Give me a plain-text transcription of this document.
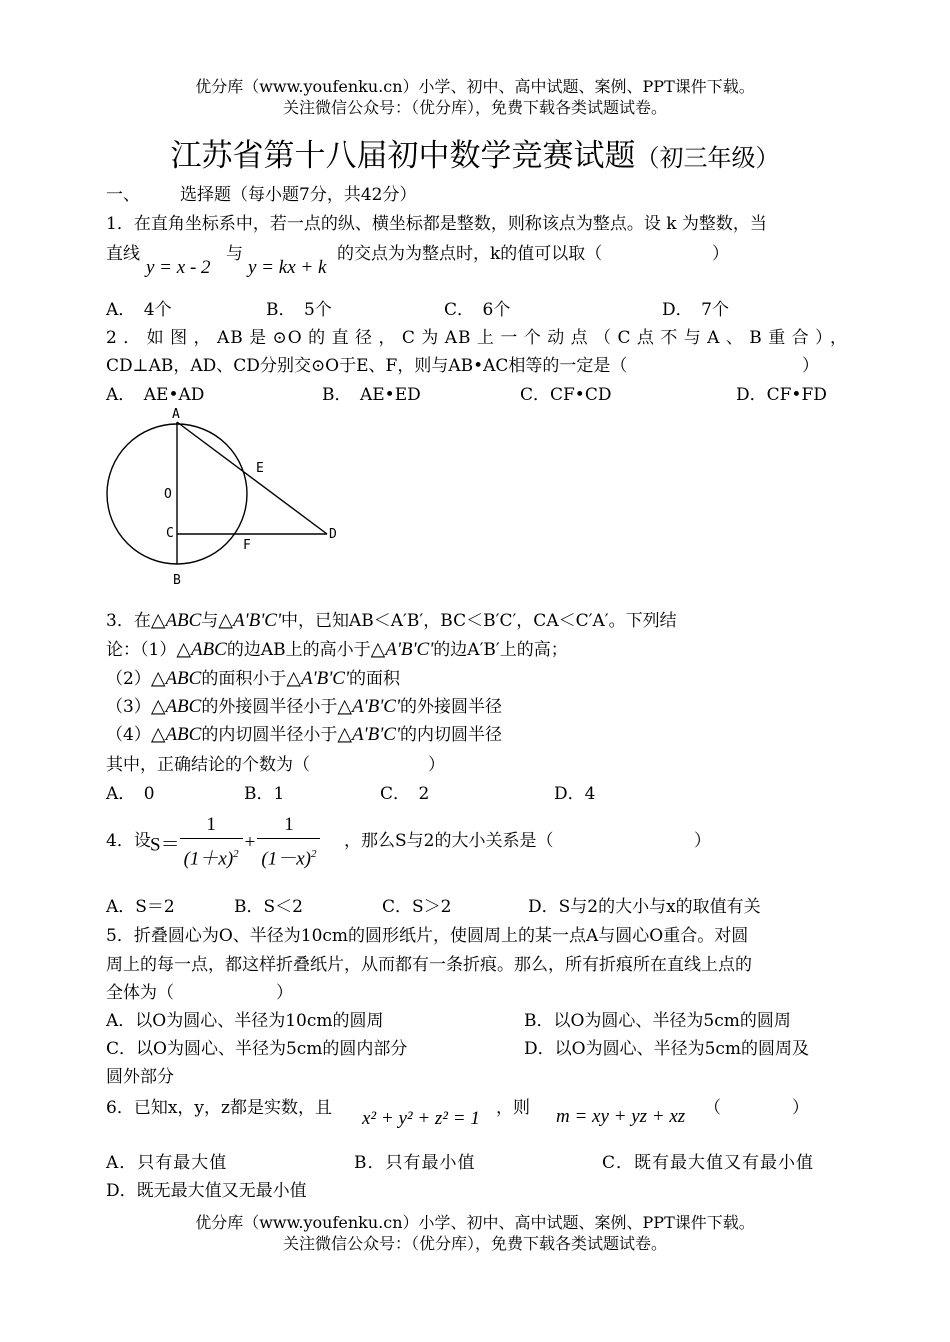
优分库（www.youfenku.cn）小学、初中、高中试题、案例、PPT课件下载。
关注微信公众号：（优分库），免费下载各类试题试卷。
江苏省第十八届初中数学竞赛试题（初三年级）
一、 选择题（每小题7分，共42分）
1．在直角坐标系中，若一点的纵、横坐标都是整数，则称该点为整点。设 k 为整数，当
直线
y = x - 2
与
y = kx + k
的交点为为整点时，k的值可以取（	）
A．　4个	B．　5个	C．　6个	D．　7个
2．如图，AB是⊙O的直径，C为AB上一个动点（C点不与A、B重合），
CD⊥AB，AD、CD分别交⊙O于E、F，则与AB•AC相等的一定是（	）
A．　AE•AD	B．　AE•ED	C．CF•CD	D．CF•FD
A
E
O
C
F
D
B
3．在△ABC与△A'B'C'中，已知AB＜A′B′，BC＜B′C′，CA＜C′A′。下列结
论：（1）△ABC的边AB上的高小于△A'B'C'的边A′B′上的高；
（2）△ABC的面积小于△A'B'C'的面积
（3）△ABC的外接圆半径小于△A'B'C'的外接圆半径
（4）△ABC的内切圆半径小于△A'B'C'的内切圆半径
其中，正确结论的个数为（	）
A．　0	B．1	C．　2	D．4
4．设 $S= \frac{1}{(1+x)^2} + \frac{1}{(1-x)^2}$ ，那么S与2的大小关系是（	）
A．S＝2	B．S＜2	C．S＞2	D．S与2的大小与x的取值有关
5．折叠圆心为O、半径为10cm的圆形纸片，使圆周上的某一点A与圆心O重合。对圆
周上的每一点，都这样折叠纸片，从而都有一条折痕。那么，所有折痕所在直线上点的
全体为（	）
A．以O为圆心、半径为10cm的圆周	B．以O为圆心、半径为5cm的圆周
C．以O为圆心、半径为5cm的圆内部分	D．以O为圆心、半径为5cm的圆周及
圆外部分
6．已知x，y，z都是实数，且 x² + y² + z² = 1 ，则 m = xy + yz + xz （	）
A．只有最大值	B．只有最小值	C．既有最大值又有最小值
D．既无最大值又无最小值
优分库（www.youfenku.cn）小学、初中、高中试题、案例、PPT课件下载。
关注微信公众号：（优分库），免费下载各类试题试卷。
